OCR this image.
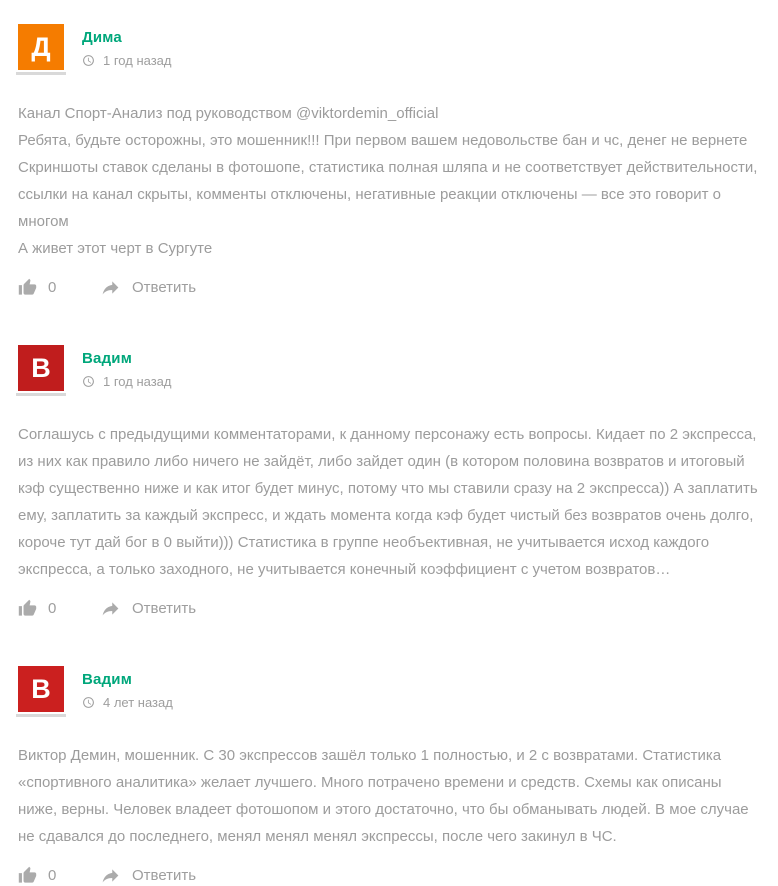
Д	Дима
1 год назад

Канал Спорт-Анализ под руководством @viktordemin_official

Ребята, будьте осторожны, это мошенник!!! При первом вашем недовольстве бан и чс, денег не вернете

Скриншоты ставок сделаны в фотошопе, статистика полная шляпа и не соответствует действительности, ссылки на канал скрыты, комменты отключены, негативные реакции отключены — все это говорит о многом

А живет этот черт в Сургуте

0	Ответить
В	Вадим
1 год назад

Соглашусь с предыдущими комментаторами, к данному персонажу есть вопросы. Кидает по 2 экспресса, из них как правило либо ничего не зайдёт, либо зайдет один (в котором половина возвратов и итоговый кэф существенно ниже и как итог будет минус, потому что мы ставили сразу на 2 экспресса)) А заплатить ему, заплатить за каждый экспресс, и ждать момента когда кэф будет чистый без возвратов очень долго, короче тут дай бог в 0 выйти))) Статистика в группе необъективная, не учитывается исход каждого экспресса, а только заходного, не учитывается конечный коэффициент с учетом возвратов…

0	Ответить
В	Вадим
4 лет назад

Виктор Демин, мошенник. С 30 экспрессов зашёл только 1 полностью, и 2 с возвратами. Статистика «спортивного аналитика» желает лучшего. Много потрачено времени и средств. Схемы как описаны ниже, верны. Человек владеет фотошопом и этого достаточно, что бы обманывать людей. В мое случае не сдавался до последнего, менял менял менял экспрессы, после чего закинул в ЧС.

0	Ответить
